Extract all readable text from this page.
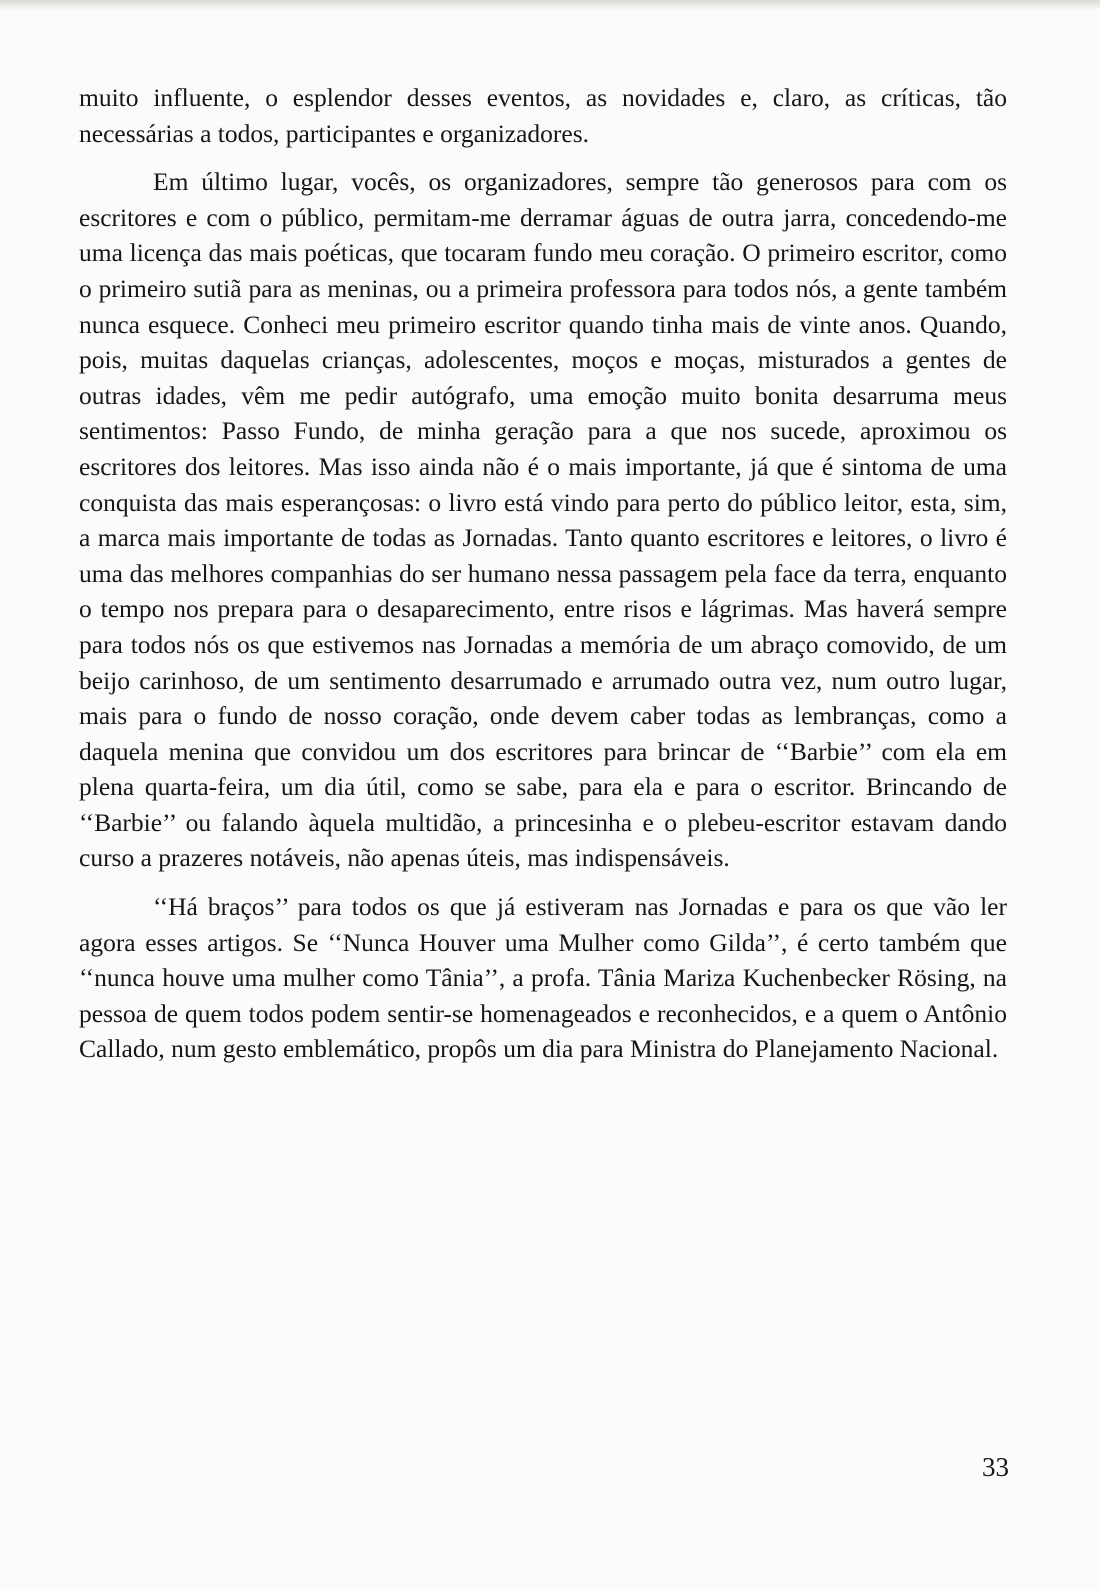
muito influente, o esplendor desses eventos, as novidades e, claro, as críticas, tão necessárias a todos, participantes e organizadores.

Em último lugar, vocês, os organizadores, sempre tão generosos para com os escritores e com o público, permitam-me derramar águas de outra jarra, concedendo-me uma licença das mais poéticas, que tocaram fundo meu coração. O primeiro escritor, como o primeiro sutiã para as meninas, ou a primeira professora para todos nós, a gente também nunca esquece. Conheci meu primeiro escritor quando tinha mais de vinte anos. Quando, pois, muitas daquelas crianças, adolescentes, moços e moças, misturados a gentes de outras idades, vêm me pedir autógrafo, uma emoção muito bonita desarruma meus sentimentos: Passo Fundo, de minha geração para a que nos sucede, aproximou os escritores dos leitores. Mas isso ainda não é o mais importante, já que é sintoma de uma conquista das mais esperançosas: o livro está vindo para perto do público leitor, esta, sim, a marca mais importante de todas as Jornadas. Tanto quanto escritores e leitores, o livro é uma das melhores companhias do ser humano nessa passagem pela face da terra, enquanto o tempo nos prepara para o desaparecimento, entre risos e lágrimas. Mas haverá sempre para todos nós os que estivemos nas Jornadas a memória de um abraço comovido, de um beijo carinhoso, de um sentimento desarrumado e arrumado outra vez, num outro lugar, mais para o fundo de nosso coração, onde devem caber todas as lembranças, como a daquela menina que convidou um dos escritores para brincar de ‘‘Barbie’’ com ela em plena quarta-feira, um dia útil, como se sabe, para ela e para o escritor. Brincando de ‘‘Barbie’’ ou falando àquela multidão, a princesinha e o plebeu-escritor estavam dando curso a prazeres notáveis, não apenas úteis, mas indispensáveis.

‘‘Há braços’’ para todos os que já estiveram nas Jornadas e para os que vão ler agora esses artigos. Se ‘‘Nunca Houver uma Mulher como Gilda’’, é certo também que ‘‘nunca houve uma mulher como Tânia’’, a profa. Tânia Mariza Kuchenbecker Rösing, na pessoa de quem todos podem sentir-se homenageados e reconhecidos, e a quem o Antônio Callado, num gesto emblemático, propôs um dia para Ministra do Planejamento Nacional.

33
